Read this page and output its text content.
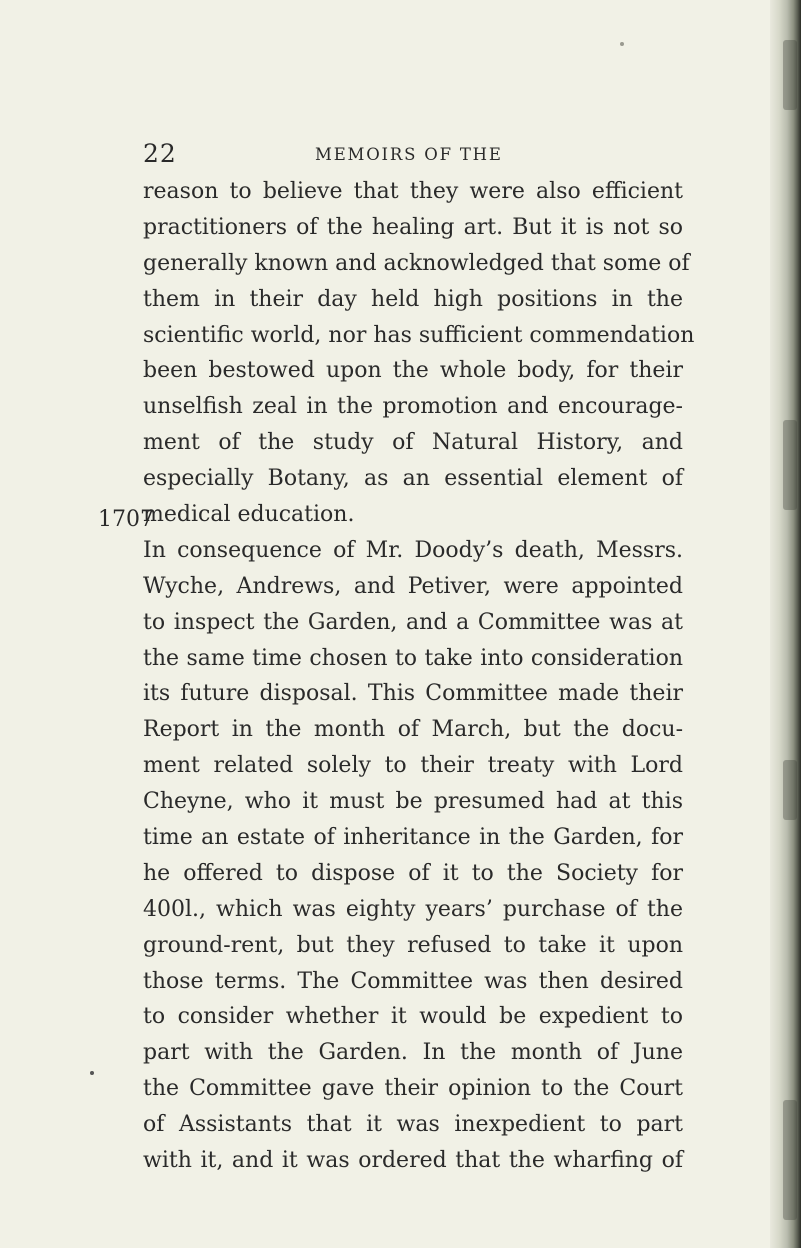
22	MEMOIRS OF THE
1707
reason to believe that they were also efficient
practitioners of the healing art. But it is not so
generally known and acknowledged that some of
them in their day held high positions in the
scientific world, nor has sufficient commendation
been bestowed upon the whole body, for their
unselfish zeal in the promotion and encourage-
ment of the study of Natural History, and
especially Botany, as an essential element of
medical education.
In consequence of Mr. Doody’s death, Messrs.
Wyche, Andrews, and Petiver, were appointed
to inspect the Garden, and a Committee was at
the same time chosen to take into consideration
its future disposal. This Committee made their
Report in the month of March, but the docu-
ment related solely to their treaty with Lord
Cheyne, who it must be presumed had at this
time an estate of inheritance in the Garden, for
he offered to dispose of it to the Society for
400l., which was eighty years’ purchase of the
ground-rent, but they refused to take it upon
those terms. The Committee was then desired
to consider whether it would be expedient to
part with the Garden. In the month of June
the Committee gave their opinion to the Court
of Assistants that it was inexpedient to part
with it, and it was ordered that the wharfing of
